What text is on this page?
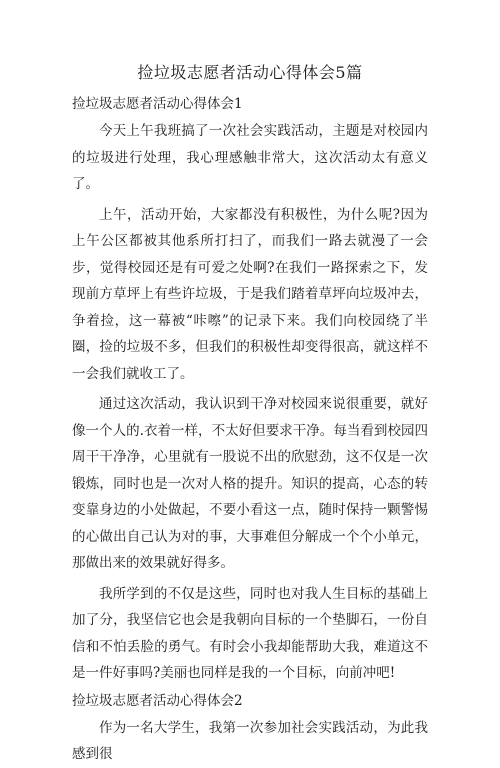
捡垃圾志愿者活动心得体会5篇
捡垃圾志愿者活动心得体会1

今天上午我班搞了一次社会实践活动，主题是对校园内的垃圾进行处理，我心理感触非常大，这次活动太有意义了。

上午，活动开始，大家都没有积极性，为什么呢?因为上午公区都被其他系所打扫了，而我们一路去就漫了一会步，觉得校园还是有可爱之处啊?在我们一路探索之下，发现前方草坪上有些许垃圾，于是我们踏着草坪向垃圾冲去，争着捡，这一幕被“咔嚓”的记录下来。我们向校园绕了半圈，捡的垃圾不多，但我们的积极性却变得很高，就这样不一会我们就收工了。

通过这次活动，我认识到干净对校园来说很重要，就好像一个人的.衣着一样，不太好但要求干净。每当看到校园四周干干净净，心里就有一股说不出的欣慰劲，这不仅是一次锻炼，同时也是一次对人格的提升。知识的提高，心态的转变靠身边的小处做起，不要小看这一点，随时保持一颗警惕的心做出自己认为对的事，大事难但分解成一个个小单元，那做出来的效果就好得多。

我所学到的不仅是这些，同时也对我人生目标的基础上加了分，我坚信它也会是我朝向目标的一个垫脚石，一份自信和不怕丢脸的勇气。有时会小我却能帮助大我，难道这不是一件好事吗?美丽也同样是我的一个目标，向前冲吧!

捡垃圾志愿者活动心得体会2

作为一名大学生，我第一次参加社会实践活动，为此我感到很
